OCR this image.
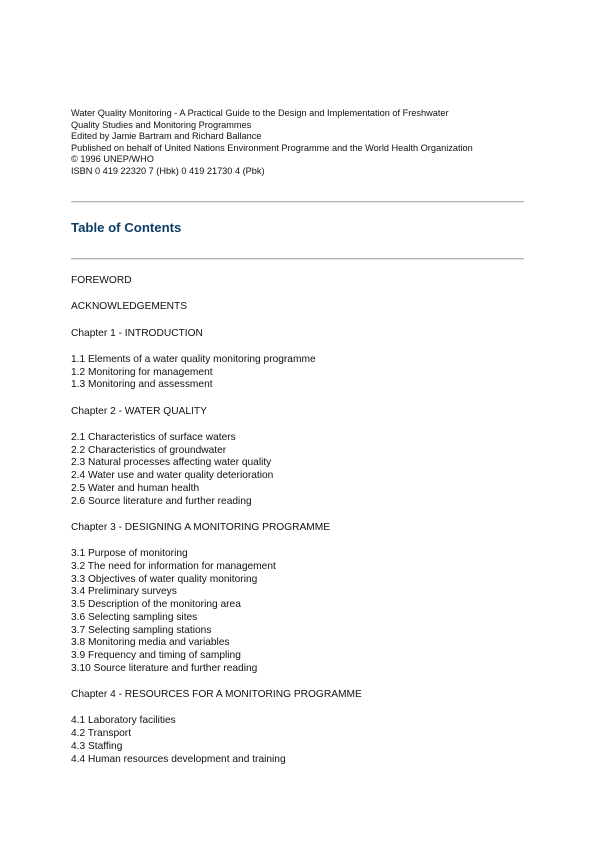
Water Quality Monitoring - A Practical Guide to the Design and Implementation of Freshwater
Quality Studies and Monitoring Programmes
Edited by Jamie Bartram and Richard Ballance
Published on behalf of United Nations Environment Programme and the World Health Organization
© 1996 UNEP/WHO
ISBN 0 419 22320 7 (Hbk) 0 419 21730 4 (Pbk)
Table of Contents
FOREWORD
ACKNOWLEDGEMENTS
Chapter 1 - INTRODUCTION
1.1 Elements of a water quality monitoring programme
1.2 Monitoring for management
1.3 Monitoring and assessment
Chapter 2 - WATER QUALITY
2.1 Characteristics of surface waters
2.2 Characteristics of groundwater
2.3 Natural processes affecting water quality
2.4 Water use and water quality deterioration
2.5 Water and human health
2.6 Source literature and further reading
Chapter 3 - DESIGNING A MONITORING PROGRAMME
3.1 Purpose of monitoring
3.2 The need for information for management
3.3 Objectives of water quality monitoring
3.4 Preliminary surveys
3.5 Description of the monitoring area
3.6 Selecting sampling sites
3.7 Selecting sampling stations
3.8 Monitoring media and variables
3.9 Frequency and timing of sampling
3.10 Source literature and further reading
Chapter 4 - RESOURCES FOR A MONITORING PROGRAMME
4.1 Laboratory facilities
4.2 Transport
4.3 Staffing
4.4 Human resources development and training
